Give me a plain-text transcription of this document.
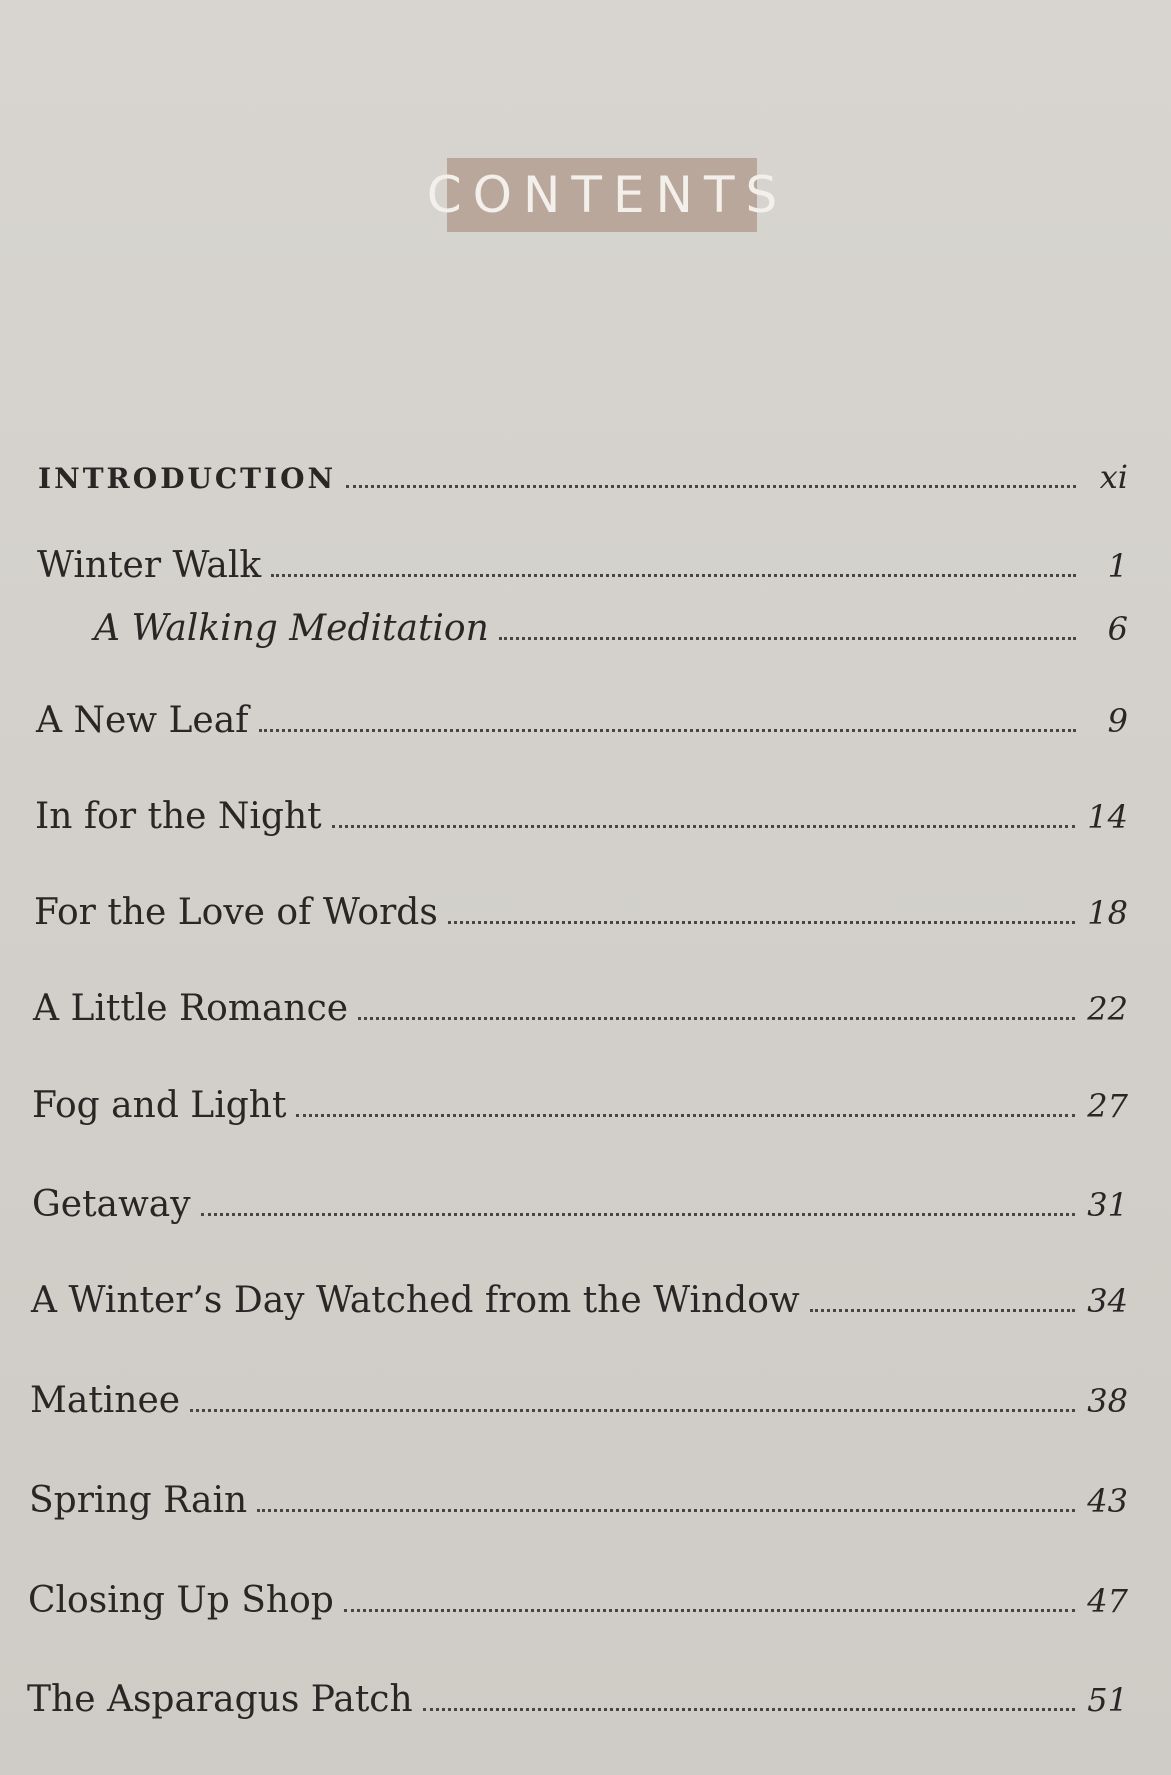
CONTENTS
INTRODUCTION	xi
Winter Walk	1
A Walking Meditation	6
A New Leaf	9
In for the Night	14
For the Love of Words	18
A Little Romance	22
Fog and Light	27
Getaway	31
A Winter’s Day Watched from the Window	34
Matinee	38
Spring Rain	43
Closing Up Shop	47
The Asparagus Patch	51
